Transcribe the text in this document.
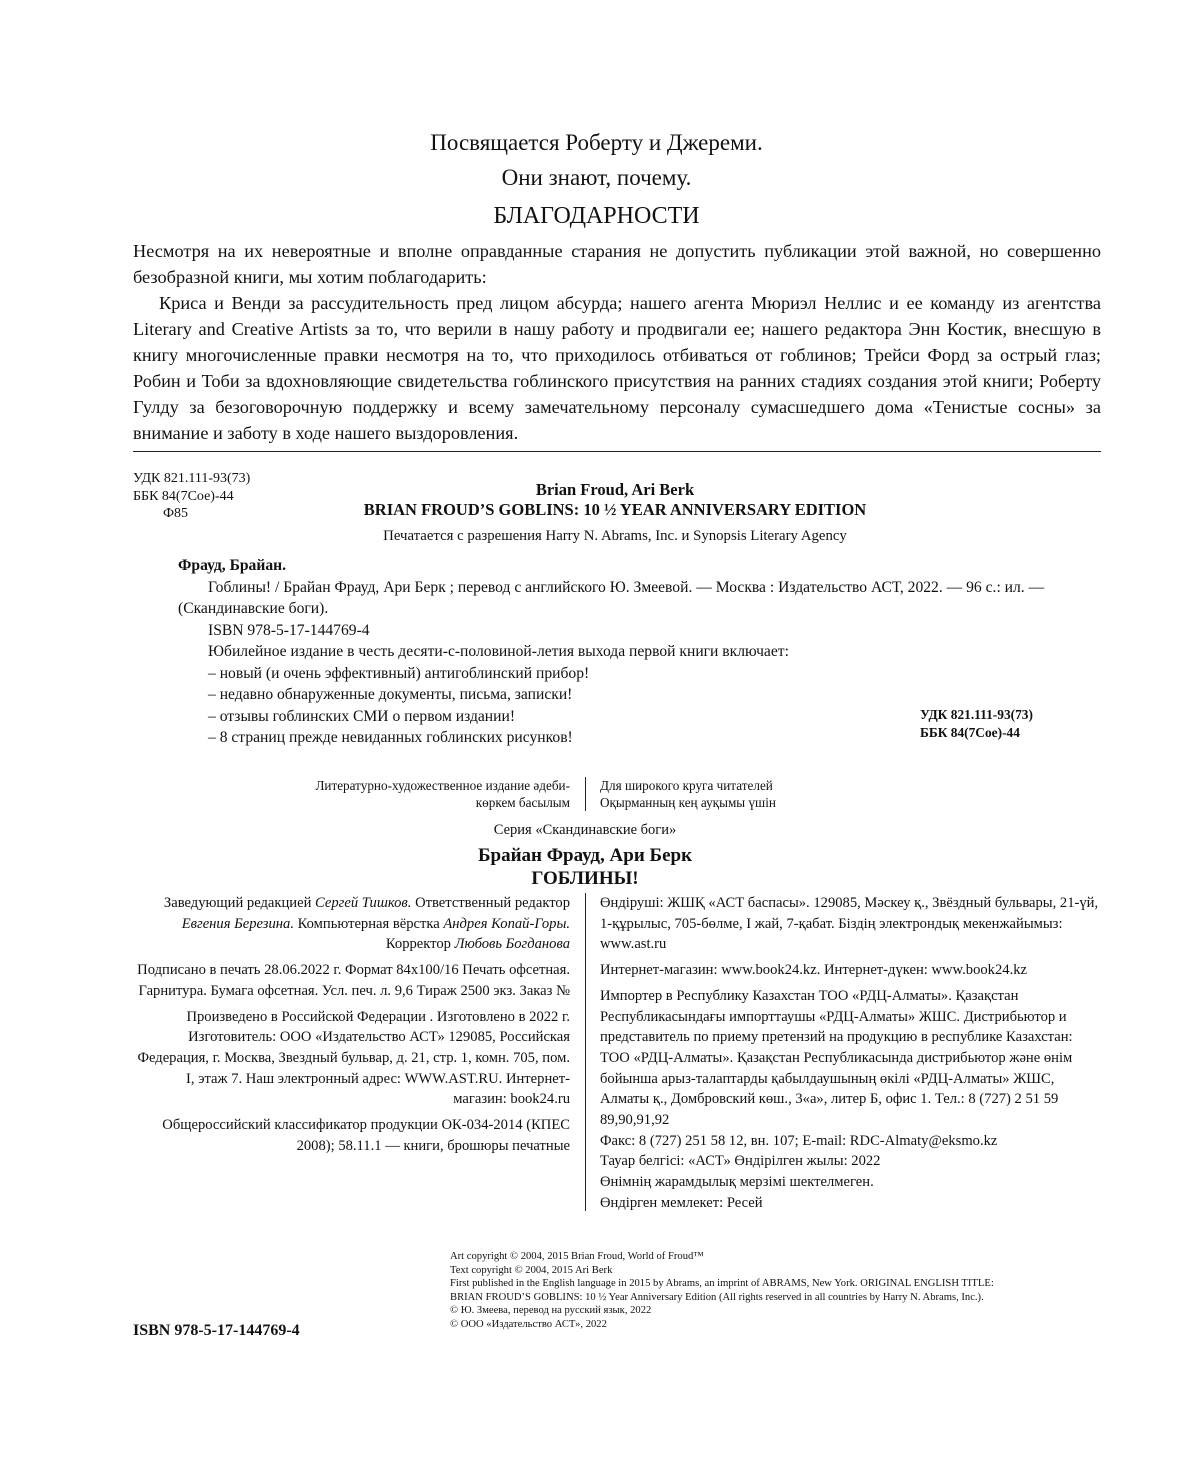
Посвящается Роберту и Джереми.
Они знают, почему.
БЛАГОДАРНОСТИ
Несмотря на их невероятные и вполне оправданные старания не допустить публикации этой важной, но совершенно безобразной книги, мы хотим поблагодарить:
Криса и Венди за рассудительность пред лицом абсурда; нашего агента Мюриэл Неллис и ее команду из агентства Literary and Creative Artists за то, что верили в нашу работу и продвигали ее; нашего редактора Энн Костик, внесшую в книгу многочисленные правки несмотря на то, что приходилось отбиваться от гоблинов; Трейси Форд за острый глаз; Робин и Тоби за вдохновляющие свидетельства гоблинского присутствия на ранних стадиях создания этой книги; Роберту Гулду за безоговорочную поддержку и всему замечательному персоналу сумасшедшего дома «Тенистые сосны» за внимание и заботу в ходе нашего выздоровления.
УДК 821.111-93(73)
ББК 84(7Сое)-44
Ф85
Brian Froud, Ari Berk
BRIAN FROUD’S GOBLINS: 10 ½ YEAR ANNIVERSARY EDITION
Печатается с разрешения Harry N. Abrams, Inc. и Synopsis Literary Agency

Фрауд, Брайан.

Гоблины! / Брайан Фрауд, Ари Берк ; перевод с английского Ю. Змеевой. — Москва : Издательство АСТ, 2022. — 96 с.: ил. — (Скандинавские боги).

ISBN 978-5-17-144769-4

Юбилейное издание в честь десяти-с-половиной-летия выхода первой книги включает:

– новый (и очень эффективный) антигоблинский прибор!

– недавно обнаруженные документы, письма, записки!

– отзывы гоблинских СМИ о первом издании!

– 8 страниц прежде невиданных гоблинских рисунков!

УДК 821.111-93(73)
ББК 84(7Сое)-44
Литературно-художественное издание әдеби-
көркем басылым
Для широкого круга читателей
Оқырманның кең ауқымы үшін
Серия «Скандинавские боги»
Брайан Фрауд, Ари Берк
ГОБЛИНЫ!

Заведующий редакцией Сергей Тишков. Ответственный редактор Евгения Березина. Компьютерная вёрстка Андрея Копай-Горы. Корректор Любовь Богданова

Подписано в печать 28.06.2022 г. Формат 84x100/16 Печать офсетная. Гарнитура. Бумага офсетная. Усл. печ. л. 9,6 Тираж 2500 экз. Заказ №

Произведено в Российской Федерации . Изготовлено в 2022 г. Изготовитель: ООО «Издательство АСТ» 129085, Российская Федерация, г. Москва, Звездный бульвар, д. 21, стр. 1, комн. 705, пом. I, этаж 7. Наш электронный адрес: WWW.AST.RU. Интернет-магазин: book24.ru

Общероссийский классификатор продукции ОК-034-2014 (КПЕС 2008); 58.11.1 — книги, брошюры печатные

Өндіруші: ЖШҚ «АСТ баспасы». 129085, Мәскеу қ., Звёздный бульвары, 21-үй, 1-құрылыс, 705-бөлме, I жай, 7-қабат. Біздің электрондық мекенжайымыз: www.ast.ru

Интернет-магазин: www.book24.kz. Интернет-дүкен: www.book24.kz

Импортер в Республику Казахстан ТОО «РДЦ-Алматы». Қазақстан Республикасындағы импорттаушы «РДЦ-Алматы» ЖШС. Дистрибьютор и представитель по приему претензий на продукцию в республике Казахстан: ТОО «РДЦ-Алматы». Қазақстан Республикасында дистрибьютор және өнім бойынша арыз-талаптарды қабылдаушының өкілі «РДЦ-Алматы» ЖШС, Алматы қ., Домбровский көш., 3«а», литер Б, офис 1. Тел.: 8 (727) 2 51 59 89,90,91,92

Факс: 8 (727) 251 58 12, вн. 107; E-mail: RDC-Almaty@eksmo.kz

Тауар белгісі: «АСТ» Өндірілген жылы: 2022

Өнімнің жарамдылық мерзімі шектелмеген.

Өндірген мемлекет: Ресей

Art copyright © 2004, 2015 Brian Froud, World of Froud™
Text copyright © 2004, 2015 Ari Berk
First published in the English language in 2015 by Abrams, an imprint of ABRAMS, New York. ORIGINAL ENGLISH TITLE:
BRIAN FROUD’S GOBLINS: 10 ½ Year Anniversary Edition (All rights reserved in all countries by Harry N. Abrams, Inc.).
© Ю. Змеева, перевод на русский язык, 2022
© ООО «Издательство АСТ», 2022
ISBN 978-5-17-144769-4
